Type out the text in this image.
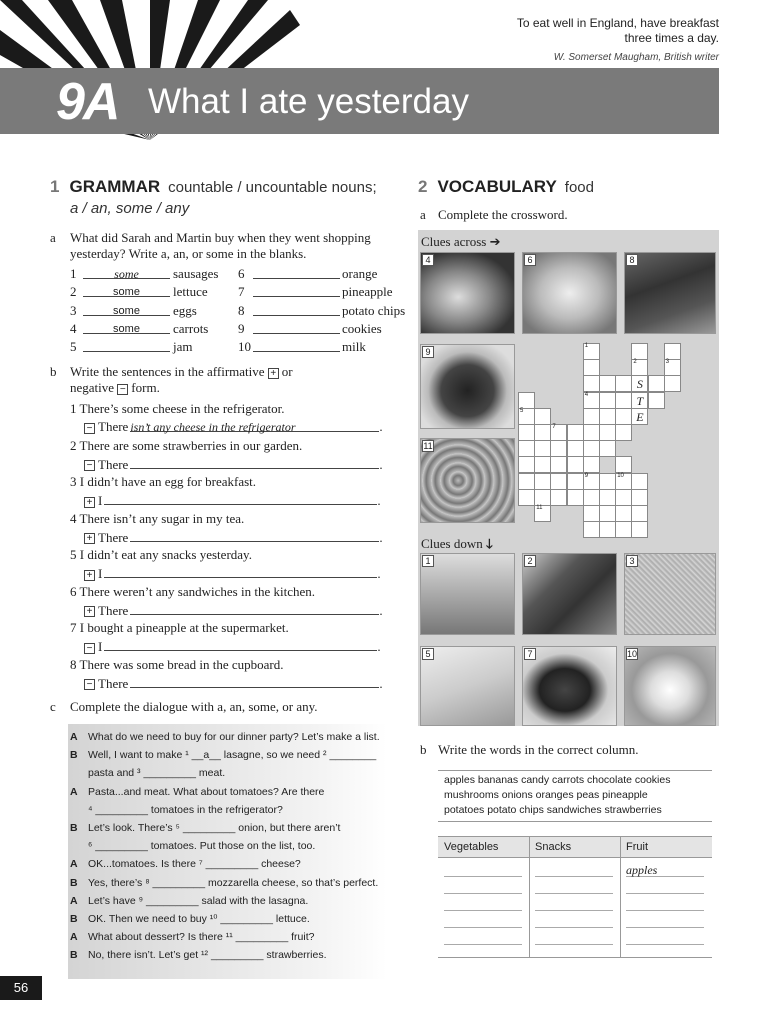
9A What I ate yesterday
To eat well in England, have breakfast
three times a day.
W. Somerset Maugham, British writer
1 GRAMMAR countable / uncountable nouns;
a / an, some / any
a What did Sarah and Martin buy when they went shopping
yesterday? Write a, an, or some in the blanks.
1	some	sausages 6	orange
2	some	lettuce 7	pineapple
3	some	eggs	8	potato chips
4	some	carrots 9	cookies
5	jam	10	milk
b Write the sentences in the affirmative + or
negative − form.
1 There’s some cheese in the refrigerator.
− There isn’t any cheese in the refrigerator	.
2 There are some strawberries in our garden.
− There	.
3 I didn’t have an egg for breakfast.
+ I	.
4 There isn’t any sugar in my tea.
+ There	.
5 I didn’t eat any snacks yesterday.
+ I	.
6 There weren’t any sandwiches in the kitchen.
+ There	.
7 I bought a pineapple at the supermarket.
− I	.
8 There was some bread in the cupboard.
− There	.
c Complete the dialogue with a, an, some, or any.
A What do we need to buy for our dinner party? Let’s make a list.
B Well, I want to make ¹ __a__ lasagne, so we need ² ________
pasta and ³ _________ meat.
A Pasta...and meat. What about tomatoes? Are there
⁴ _________ tomatoes in the refrigerator?
B Let’s look. There’s ⁵ _________ onion, but there aren’t
⁶ _________ tomatoes. Put those on the list, too.
A OK...tomatoes. Is there ⁷ _________ cheese?
B Yes, there’s ⁸ _________ mozzarella cheese, so that’s perfect.
A Let’s have ⁹ _________ salad with the lasagna.
B OK. Then we need to buy ¹⁰ _________ lettuce.
A What about dessert? Is there ¹¹ _________ fruit?
B No, there isn’t. Let’s get ¹² _________ strawberries.
2 VOCABULARY food
a Complete the crossword.
Clues across ➔
Clues down 🡓
4	6	8
9
11
1	2	3
5	7	10
1
4
9
2
S
T
E
3
5
11
7
10
b Write the words in the correct column.
apples bananas candy carrots chocolate cookies
mushrooms onions oranges peas pineapple
potatoes potato chips sandwiches strawberries
Vegetables	Snacks	Fruit
apples
56
